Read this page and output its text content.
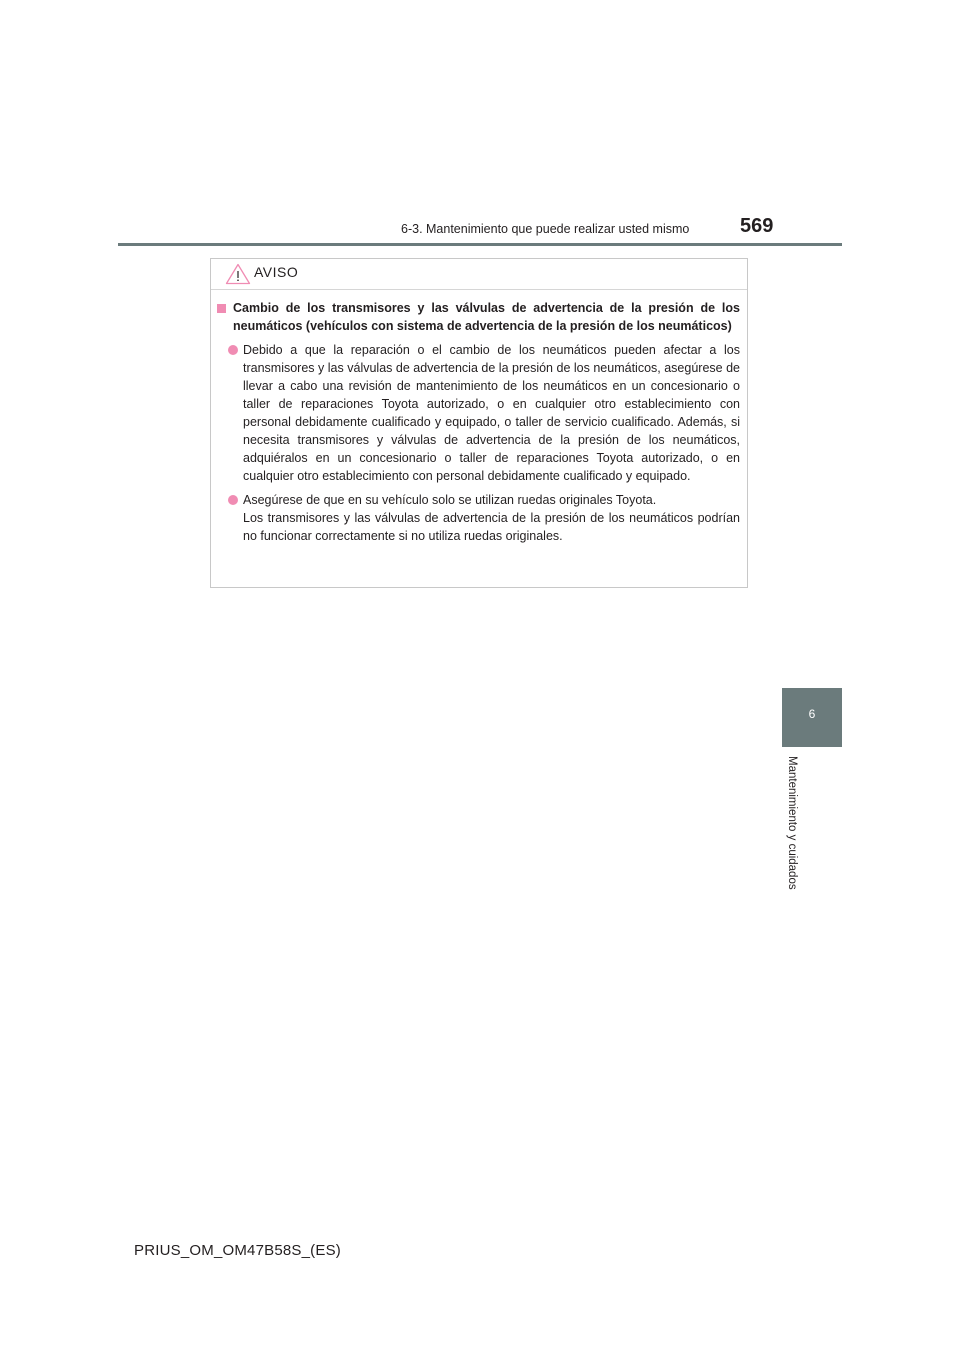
6-3. Mantenimiento que puede realizar usted mismo	569
6
Mantenimiento y cuidados
AVISO
Cambio de los transmisores y las válvulas de advertencia de la presión de los neumáticos (vehículos con sistema de advertencia de la presión de los neumáticos)
Debido a que la reparación o el cambio de los neumáticos pueden afectar a los transmisores y las válvulas de advertencia de la presión de los neumáticos, asegúrese de llevar a cabo una revisión de mantenimiento de los neumáticos en un concesionario o taller de reparaciones Toyota autorizado, o en cualquier otro establecimiento con personal debidamente cualificado y equipado, o taller de servicio cualificado. Además, si necesita transmisores y válvulas de advertencia de la presión de los neumáticos, adquiéralos en un concesionario o taller de reparaciones Toyota autorizado, o en cualquier otro establecimiento con personal debidamente cualificado y equipado.
Asegúrese de que en su vehículo solo se utilizan ruedas originales Toyota.
Los transmisores y las válvulas de advertencia de la presión de los neumáticos podrían no funcionar correctamente si no utiliza ruedas originales.
PRIUS_OM_OM47B58S_(ES)
